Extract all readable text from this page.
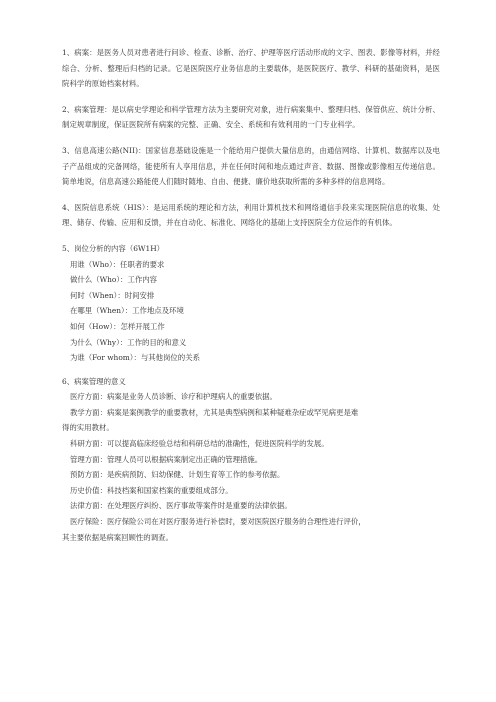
1、病案：是医务人员对患者进行问诊、检查、诊断、治疗、护理等医疗活动形成的文字、图表、影像等材料，并经综合、分析、整理后归档的记录。它是医院医疗业务信息的主要载体，是医院医疗、教学、科研的基础资料，是医院科学的原始档案材料。

2、病案管理：是以病史学理论和科学管理方法为主要研究对象，进行病案集中、整理归档、保管供应、统计分析、制定规章制度，保证医院所有病案的完整、正确、安全、系统和有效利用的一门专业科学。

3、信息高速公路(NII)：国家信息基础设施是一个能给用户提供大量信息的，由通信网络、计算机、数据库以及电子产品组成的完备网络，能使所有人享用信息，并在任何时间和地点通过声音、数据、图像或影像相互传递信息。简单地说，信息高速公路能使人们随时随地、自由、便捷、廉价地获取所需的多种多样的信息网络。

4、医院信息系统（HIS）：是运用系统的理论和方法，利用计算机技术和网络通信手段来实现医院信息的收集、处理、储存、传输、应用和反馈，并在自动化、标准化、网络化的基础上支持医院全方位运作的有机体。

5、岗位分析的内容（6W1H）

用谁（Who）：任职者的要求

做什么（Who）：工作内容

何时（When）：时间安排

在哪里（When）：工作地点及环境

如何（How）：怎样开展工作

为什么（Why）：工作的目的和意义

为谁（For whom）：与其他岗位的关系

6、病案管理的意义

医疗方面：病案是业务人员诊断、诊疗和护理病人的重要依据。

教学方面：病案是案例教学的重要教材，尤其是典型病例和某种疑难杂症或罕见病更是难

得的实用教材。

科研方面：可以提高临床经验总结和科研总结的准确性，促进医院科学的发展。

管理方面：管理人员可以根据病案制定出正确的管理措施。

预防方面：是疾病预防、妇幼保健、计划生育等工作的参考依据。

历史价值：科技档案和国家档案的重要组成部分。

法律方面：在处理医疗纠纷、医疗事故等案件时是重要的法律依据。

医疗保险：医疗保险公司在对医疗服务进行补偿时，要对医院医疗服务的合理性进行评价，

其主要依据是病案回顾性的调查。
